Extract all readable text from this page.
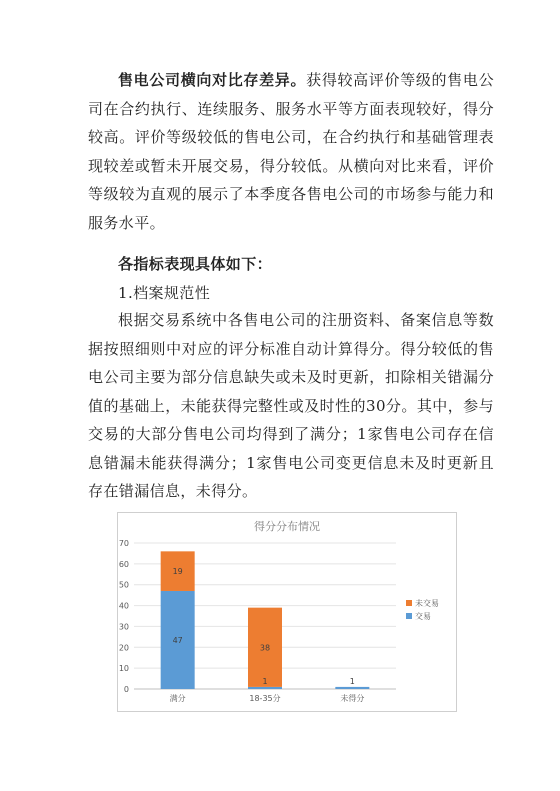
售电公司横向对比存差异。获得较高评价等级的售电公司在合约执行、连续服务、服务水平等方面表现较好，得分较高。评价等级较低的售电公司，在合约执行和基础管理表现较差或暂未开展交易，得分较低。从横向对比来看，评价等级较为直观的展示了本季度各售电公司的市场参与能力和服务水平。
各指标表现具体如下：
1.档案规范性
根据交易系统中各售电公司的注册资料、备案信息等数据按照细则中对应的评分标准自动计算得分。得分较低的售电公司主要为部分信息缺失或未及时更新，扣除相关错漏分值的基础上，未能获得完整性或及时性的30分。其中，参与交易的大部分售电公司均得到了满分；1家售电公司存在信息错漏未能获得满分；1家售电公司变更信息未及时更新且存在错漏信息，未得分。
得分分布情况
0
10
20
30
40
50
60
70
47
19
满分
1
38
18-35分
1
未得分
未交易
交易
